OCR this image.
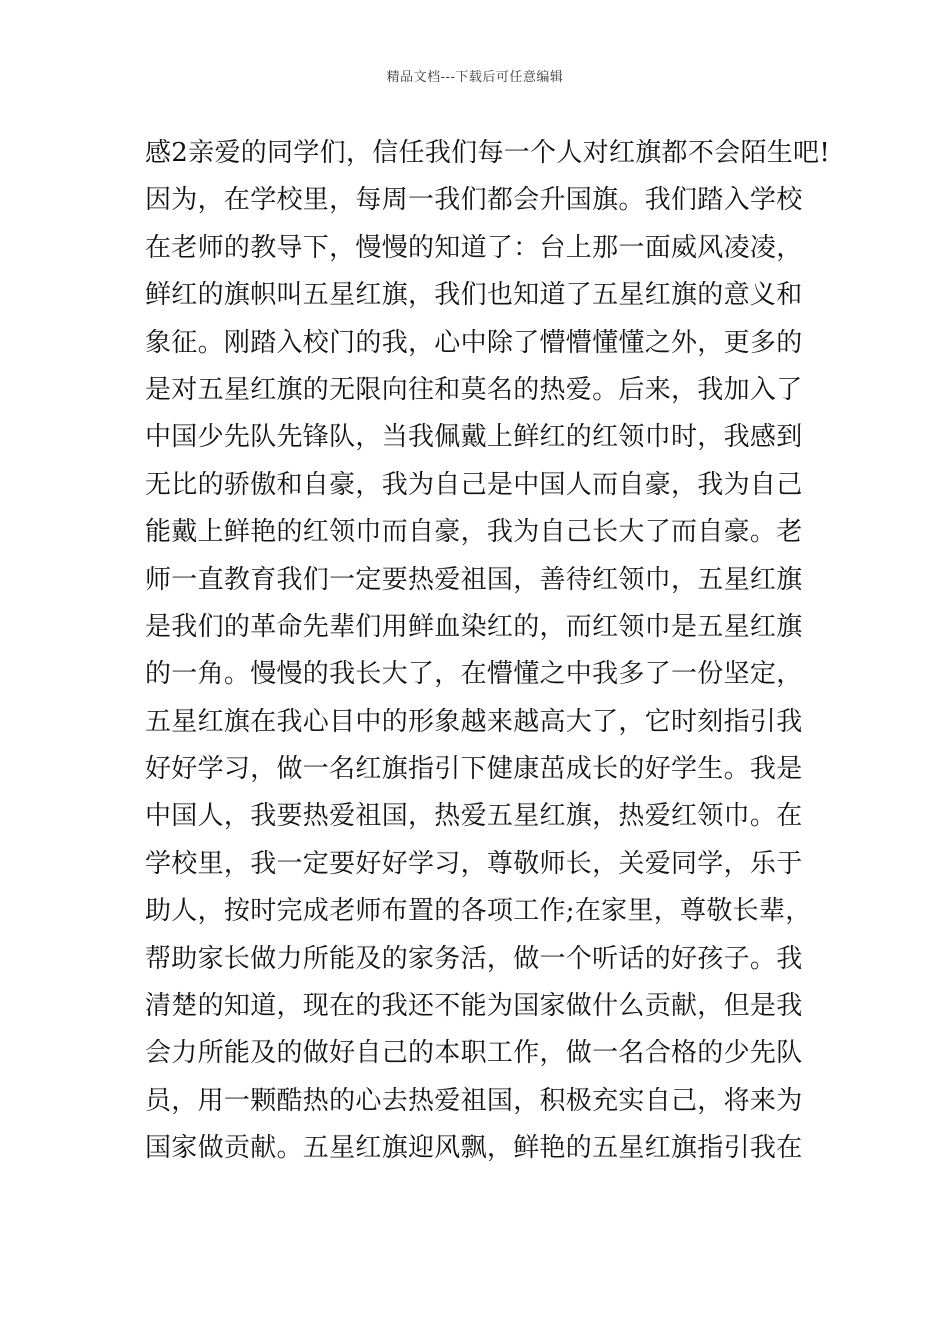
精品文档---下载后可任意编辑
感2亲爱的同学们，信任我们每一个人对红旗都不会陌生吧!
因为，在学校里，每周一我们都会升国旗。我们踏入学校
在老师的教导下，慢慢的知道了：台上那一面威风凌凌，
鲜红的旗帜叫五星红旗，我们也知道了五星红旗的意义和
象征。刚踏入校门的我，心中除了懵懵懂懂之外，更多的
是对五星红旗的无限向往和莫名的热爱。后来，我加入了
中国少先队先锋队，当我佩戴上鲜红的红领巾时，我感到
无比的骄傲和自豪，我为自己是中国人而自豪，我为自己
能戴上鲜艳的红领巾而自豪，我为自己长大了而自豪。老
师一直教育我们一定要热爱祖国，善待红领巾，五星红旗
是我们的革命先辈们用鲜血染红的，而红领巾是五星红旗
的一角。慢慢的我长大了，在懵懂之中我多了一份坚定，
五星红旗在我心目中的形象越来越高大了，它时刻指引我
好好学习，做一名红旗指引下健康茁成长的好学生。我是
中国人，我要热爱祖国，热爱五星红旗，热爱红领巾。在
学校里，我一定要好好学习，尊敬师长，关爱同学，乐于
助人，按时完成老师布置的各项工作;在家里，尊敬长辈，
帮助家长做力所能及的家务活，做一个听话的好孩子。我
清楚的知道，现在的我还不能为国家做什么贡献，但是我
会力所能及的做好自己的本职工作，做一名合格的少先队
员，用一颗酷热的心去热爱祖国，积极充实自己，将来为
国家做贡献。五星红旗迎风飘，鲜艳的五星红旗指引我在
